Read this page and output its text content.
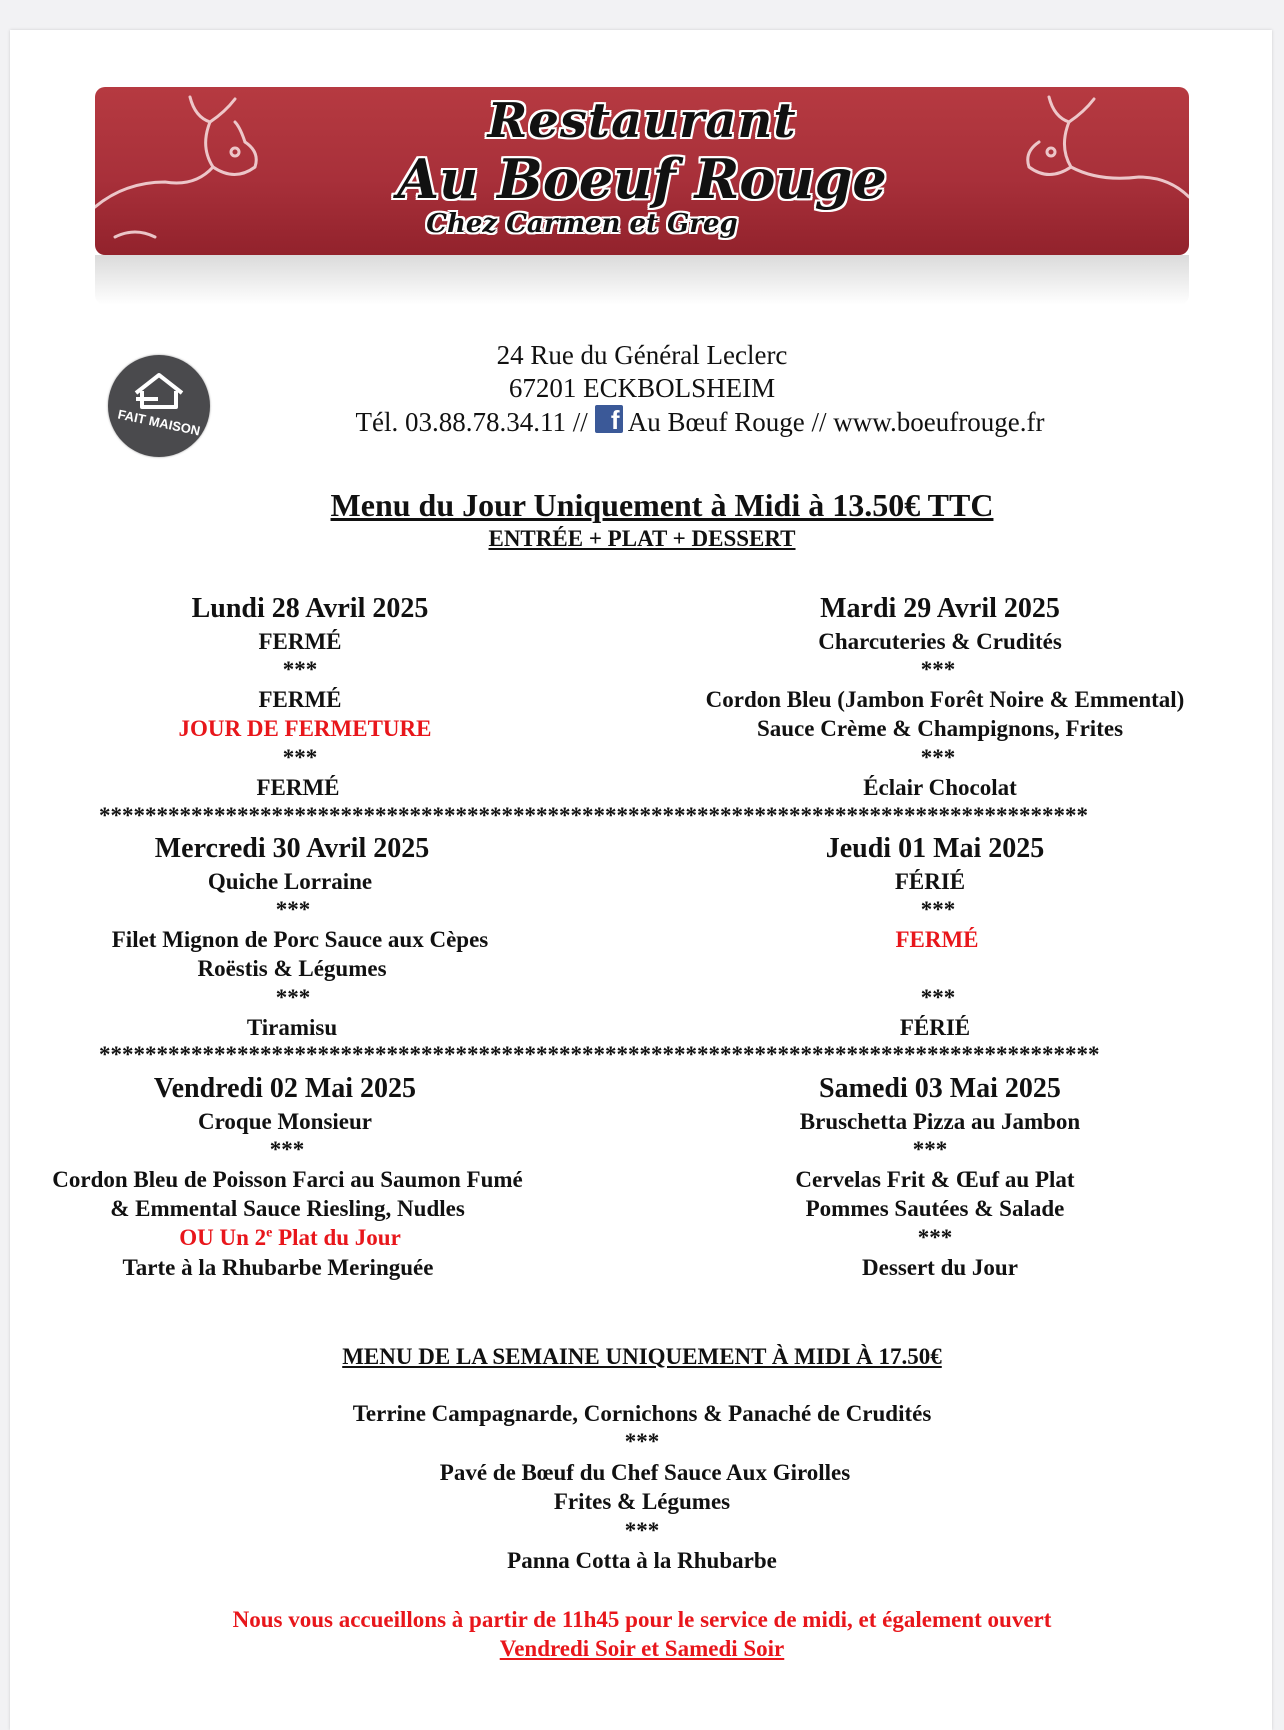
Restaurant
Au Boeuf Rouge
Chez Carmen et Greg
FAIT MAISON
24 Rue du Général Leclerc
67201 ECKBOLSHEIM
Tél. 03.88.78.34.11 // f Au Bœuf Rouge // www.boeufrouge.fr
Menu du Jour Uniquement à Midi à 13.50€ TTC
ENTRÉE + PLAT + DESSERT
Lundi 28 Avril 2025
FERMÉ
***
FERMÉ
JOUR DE FERMETURE
***
FERMÉ
Mardi 29 Avril 2025
Charcuteries & Crudités
***
Cordon Bleu (Jambon Forêt Noire & Emmental)
Sauce Crème & Champignons, Frites
***
Éclair Chocolat
**************************************************************************************
Mercredi 30 Avril 2025
Quiche Lorraine
***
Filet Mignon de Porc Sauce aux Cèpes
Roëstis & Légumes
***
Tiramisu
Jeudi 01 Mai 2025
FÉRIÉ
***
FERMÉ
***
FÉRIÉ
***************************************************************************************
Vendredi 02 Mai 2025
Croque Monsieur
***
Cordon Bleu de Poisson Farci au Saumon Fumé
& Emmental Sauce Riesling, Nudles
OU Un 2e Plat du Jour
Tarte à la Rhubarbe Meringuée
Samedi 03 Mai 2025
Bruschetta Pizza au Jambon
***
Cervelas Frit & Œuf au Plat
Pommes Sautées & Salade
***
Dessert du Jour
MENU DE LA SEMAINE UNIQUEMENT À MIDI À 17.50€
Terrine Campagnarde, Cornichons & Panaché de Crudités
***
Pavé de Bœuf du Chef Sauce Aux Girolles
Frites & Légumes
***
Panna Cotta à la Rhubarbe
Nous vous accueillons à partir de 11h45 pour le service de midi, et également ouvert
Vendredi Soir et Samedi Soir
